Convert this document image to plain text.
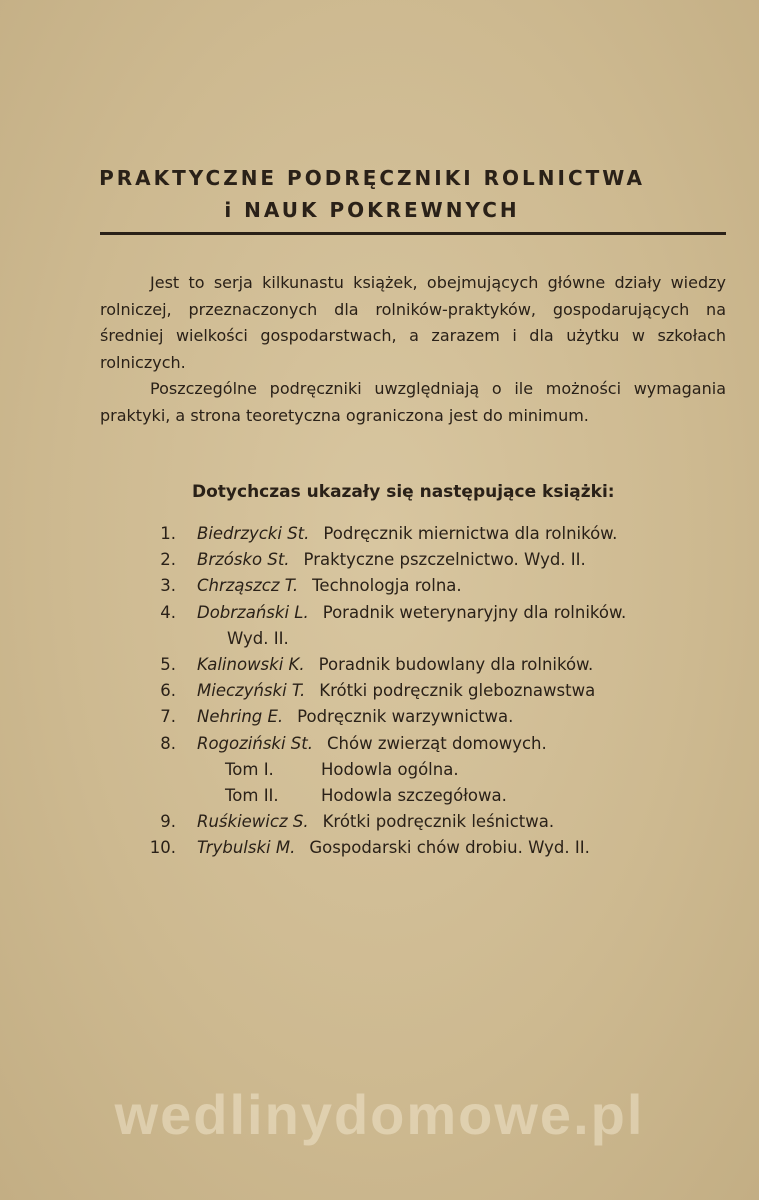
PRAKTYCZNE PODRĘCZNIKI ROLNICTWA
i NAUK POKREWNYCH

Jest to serja kilkunastu książek, obejmujących główne działy wiedzy rolniczej, przeznaczonych dla rolników-praktyków, gospodarujących na średniej wielkości gospodarstwach, a zarazem i dla użytku w szkołach rolniczych.

Poszczególne podręczniki uwzględniają o ile możności wymagania praktyki, a strona teoretyczna ograniczona jest do minimum.

Dotychczas ukazały się następujące książki:
1. Biedrzycki St. Podręcznik miernictwa dla rolników.
2. Brzósko St. Praktyczne pszczelnictwo. Wyd. II.
3. Chrząszcz T. Technologja rolna.
4. Dobrzański L. Poradnik weterynaryjny dla rolników.
Wyd. II.
5. Kalinowski K. Poradnik budowlany dla rolników.
6. Mieczyński T. Krótki podręcznik gleboznawstwa
7. Nehring E. Podręcznik warzywnictwa.
8. Rogoziński St. Chów zwierząt domowych.
Tom I.	Hodowla ogólna.
Tom II.	Hodowla szczegółowa.
9. Ruśkiewicz S. Krótki podręcznik leśnictwa.
10. Trybulski M. Gospodarski chów drobiu. Wyd. II.
wedlinydomowe.pl
